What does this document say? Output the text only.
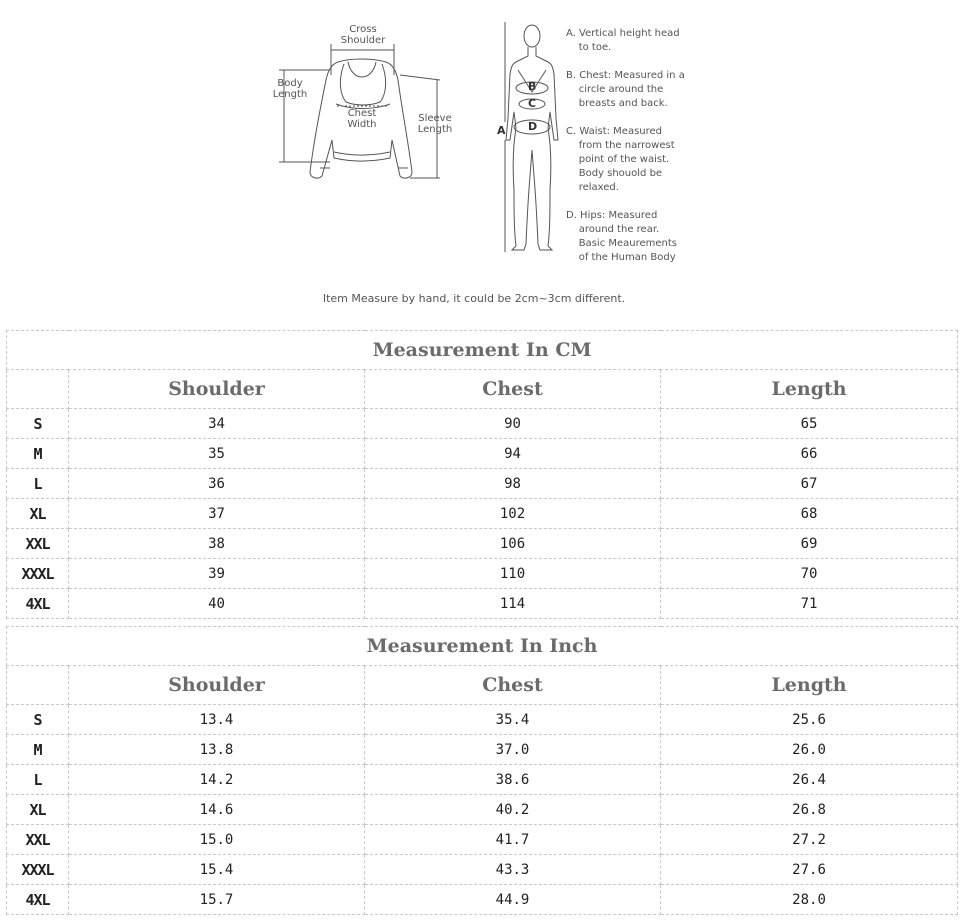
Cross
Shoulder
Body
Length
Chest
Width
Sleeve
Length	A
B
C
D
A. Vertical height head
to toe.
B. Chest: Measured in a
circle around the
breasts and back.
C. Waist: Measured
from the narrowest
point of the waist.
Body shouold be
relaxed.
D. Hips: Measured
around the rear.
Basic Meaurements
of the Human Body
Item Measure by hand, it could be 2cm~3cm different.
Measurement In CM			
	Shoulder	Chest	Length
S	34	90	65
M	35	94	66
L	36	98	67
XL	37	102	68
XXL	38	106	69
XXXL	39	110	70
4XL	40	114	71
Measurement In Inch			
	Shoulder	Chest	Length
S	13.4	35.4	25.6
M	13.8	37.0	26.0
L	14.2	38.6	26.4
XL	14.6	40.2	26.8
XXL	15.0	41.7	27.2
XXXL	15.4	43.3	27.6
4XL	15.7	44.9	28.0
